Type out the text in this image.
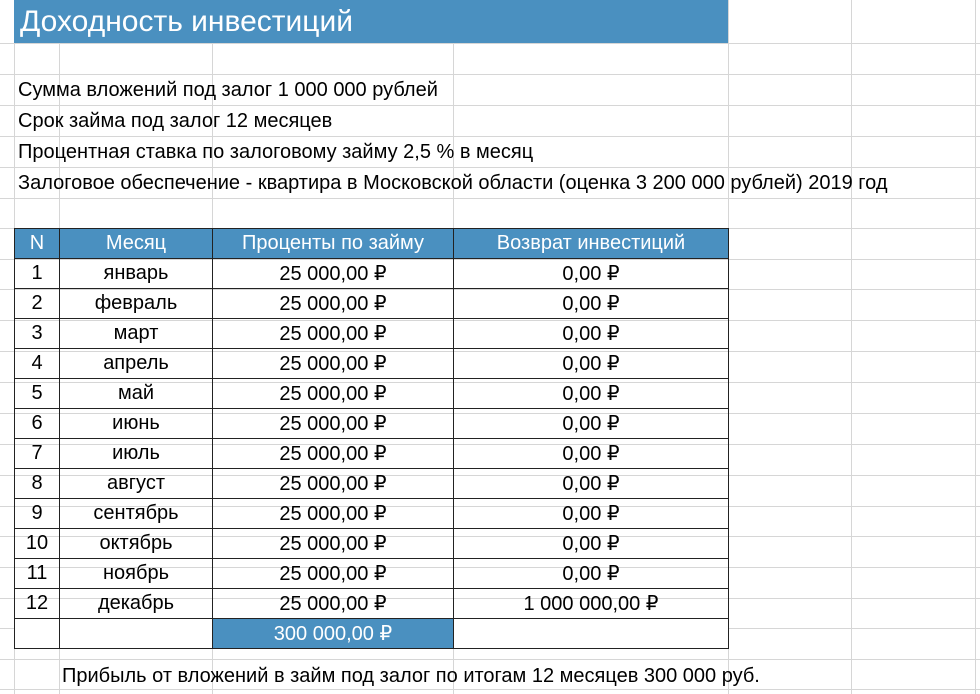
Доходность инвестиций
Сумма вложений под залог 1 000 000 рублей
Срок займа под залог 12 месяцев
Процентная ставка по залоговому займу 2,5 % в месяц
Залоговое обеспечение - квартира в Московской области (оценка 3 200 000 рублей) 2019 год
N	Месяц	Проценты по займу	Возврат инвестиций
1	январь	25 000,00 ₽	0,00 ₽
2	февраль	25 000,00 ₽	0,00 ₽
3	март	25 000,00 ₽	0,00 ₽
4	апрель	25 000,00 ₽	0,00 ₽
5	май	25 000,00 ₽	0,00 ₽
6	июнь	25 000,00 ₽	0,00 ₽
7	июль	25 000,00 ₽	0,00 ₽
8	август	25 000,00 ₽	0,00 ₽
9	сентябрь	25 000,00 ₽	0,00 ₽
10	октябрь	25 000,00 ₽	0,00 ₽
11	ноябрь	25 000,00 ₽	0,00 ₽
12	декабрь	25 000,00 ₽	1 000 000,00 ₽
		300 000,00 ₽	
Прибыль от вложений в займ под залог по итогам 12 месяцев 300 000 руб.
